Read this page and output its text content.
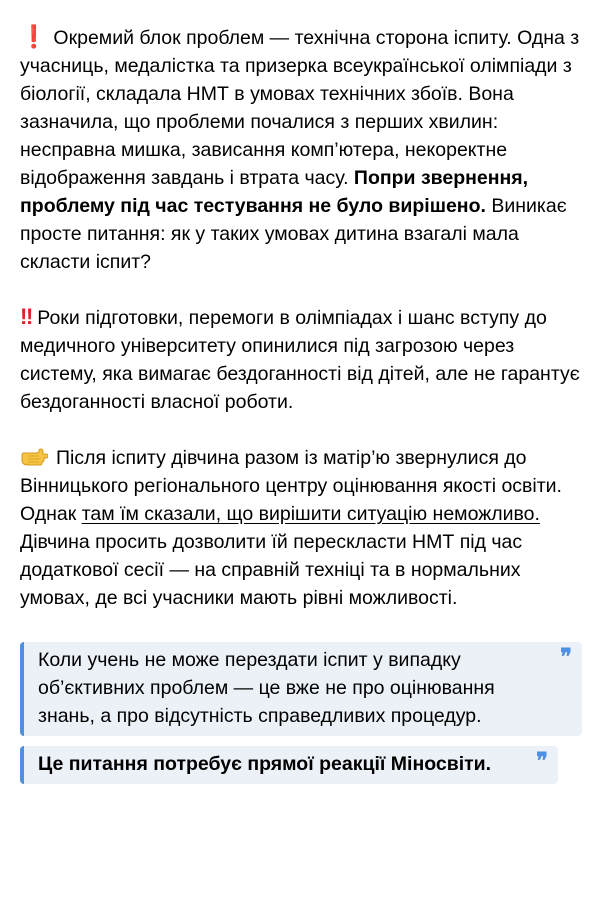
❗ Окремий блок проблем — технічна сторона іспиту. Одна з учасниць, медалістка та призерка всеукраїнської олімпіади з біології, складала НМТ в умовах технічних збоїв. Вона зазначила, що проблеми почалися з перших хвилин: несправна мишка, зависання комп’ютера, некоректне відображення завдань і втрата часу. Попри звернення, проблему під час тестування не було вирішено. Виникає просте питання: як у таких умовах дитина взагалі мала скласти іспит?

‼ Роки підготовки, перемоги в олімпіадах і шанс вступу до медичного університету опинилися під загрозою через систему, яка вимагає бездоганності від дітей, але не гарантує бездоганності власної роботи.

Після іспиту дівчина разом із матір’ю звернулися до Вінницького регіонального центру оцінювання якості освіти. Однак там їм сказали, що вирішити ситуацію неможливо. Дівчина просить дозволити їй перескласти НМТ під час додаткової сесії — на справній техніці та в нормальних умовах, де всі учасники мають рівні можливості.

Коли учень не може перездати іспит у випадку об’єктивних проблем — це вже не про оцінювання знань, а про відсутність справедливих процедур.
❞
Це питання потребує прямої реакції Міносвіти. ❞
